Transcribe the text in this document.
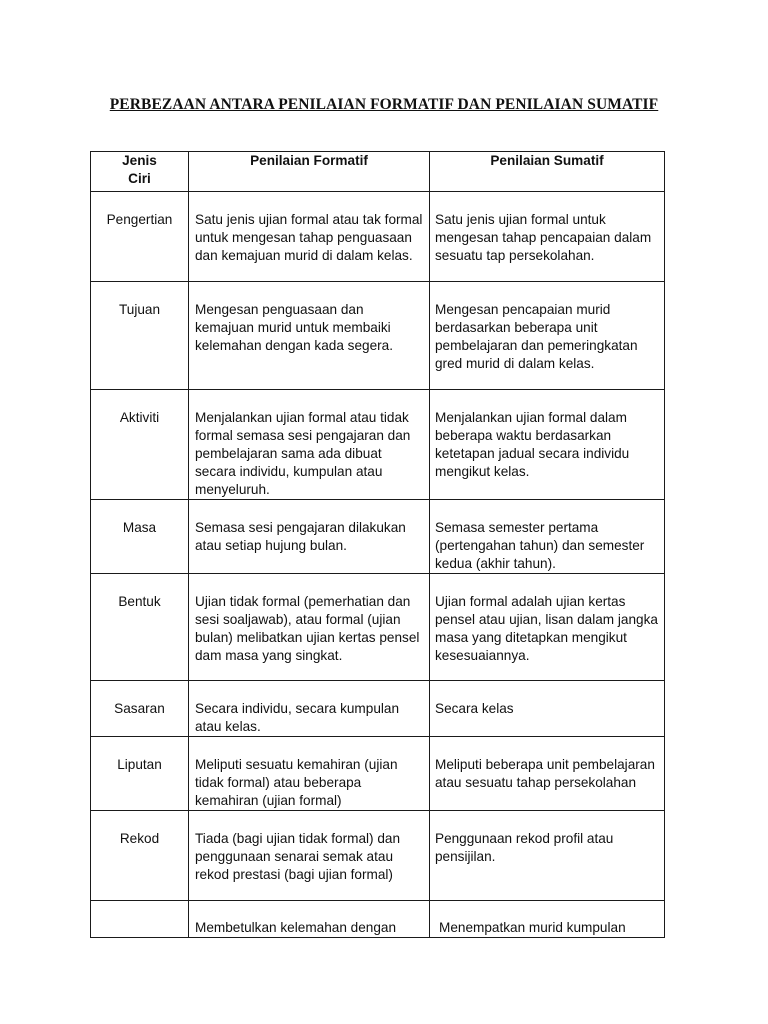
PERBEZAAN ANTARA PENILAIAN FORMATIF DAN PENILAIAN SUMATIF
Jenis
Ciri	Penilaian Formatif	Penilaian Sumatif
Pengertian	Satu jenis ujian formal atau tak formal untuk mengesan tahap penguasaan dan kemajuan murid di dalam kelas.	Satu jenis ujian formal untuk mengesan tahap pencapaian dalam sesuatu tap persekolahan.
Tujuan	Mengesan penguasaan dan kemajuan murid untuk membaiki kelemahan dengan kada segera.	Mengesan pencapaian murid berdasarkan beberapa unit pembelajaran dan pemeringkatan gred murid di dalam kelas.
Aktiviti	Menjalankan ujian formal atau tidak formal semasa sesi pengajaran dan pembelajaran sama ada dibuat secara individu, kumpulan atau menyeluruh.	Menjalankan ujian formal dalam beberapa waktu berdasarkan ketetapan jadual secara individu mengikut kelas.
Masa	Semasa sesi pengajaran dilakukan atau setiap hujung bulan.	Semasa semester pertama (pertengahan tahun) dan semester kedua (akhir tahun).
Bentuk	Ujian tidak formal (pemerhatian dan sesi soaljawab), atau formal (ujian bulan) melibatkan ujian kertas pensel dam masa yang singkat.	Ujian formal adalah ujian kertas pensel atau ujian, lisan dalam jangka masa yang ditetapkan mengikut kesesuaiannya.
Sasaran	Secara individu, secara kumpulan atau kelas.	Secara kelas
Liputan	Meliputi sesuatu kemahiran (ujian tidak formal) atau beberapa kemahiran (ujian formal)	Meliputi beberapa unit pembelajaran atau sesuatu tahap persekolahan
Rekod	Tiada (bagi ujian tidak formal) dan penggunaan senarai semak atau rekod prestasi (bagi ujian formal)	Penggunaan rekod profil atau pensijilan.
	Membetulkan kelemahan dengan	Menempatkan murid kumpulan
